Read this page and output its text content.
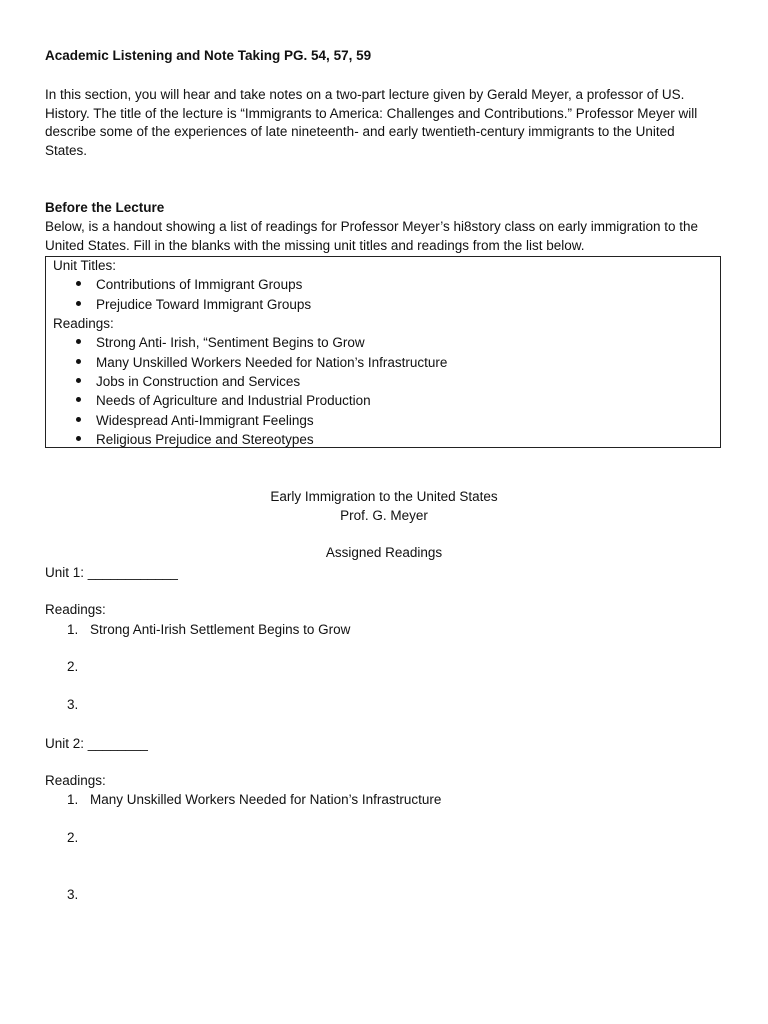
Academic Listening and Note Taking PG. 54, 57, 59
In this section, you will hear and take notes on a two-part lecture given by Gerald Meyer, a professor of US.
History. The title of the lecture is “Immigrants to America: Challenges and Contributions.” Professor Meyer will
describe some of the experiences of late nineteenth- and early twentieth-century immigrants to the United
States.
Before the Lecture
Below, is a handout showing a list of readings for Professor Meyer’s hi8story class on early immigration to the
United States. Fill in the blanks with the missing unit titles and readings from the list below.
Unit Titles:
Contributions of Immigrant Groups
Prejudice Toward Immigrant Groups
Readings:
Strong Anti- Irish, “Sentiment Begins to Grow
Many Unskilled Workers Needed for Nation’s Infrastructure
Jobs in Construction and Services
Needs of Agriculture and Industrial Production
Widespread Anti-Immigrant Feelings
Religious Prejudice and Stereotypes
Early Immigration to the United States
Prof. G. Meyer
Assigned Readings
Unit 1: ____________
Readings:
1. Strong Anti-Irish Settlement Begins to Grow
2.
3.
Unit 2: ________
Readings:
1. Many Unskilled Workers Needed for Nation’s Infrastructure
2.
3.
